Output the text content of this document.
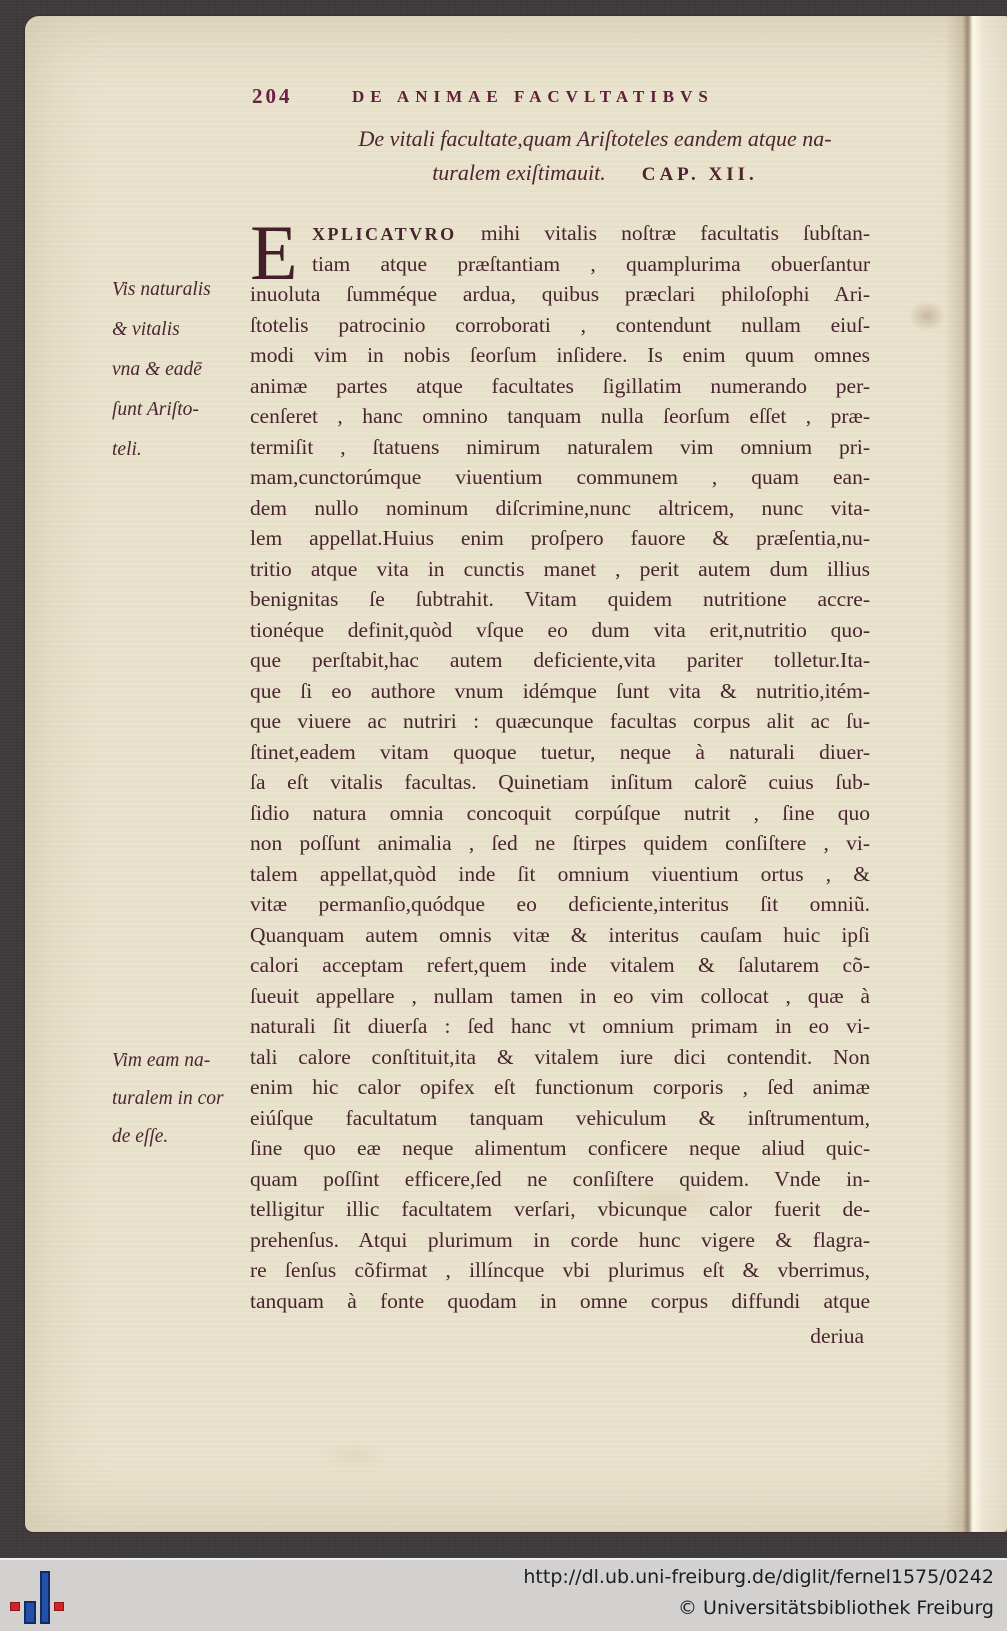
204	DE ANIMAE FACVLTATIBVS
De vitali facultate,quam Ariſtoteles eandem atque na-
turalem exiſtimauit. CAP. XII.
Vis naturalis
& vitalis
vna & eadē
ſunt Ariſto-
teli.
Vim eam na-
turalem in cor
de eſſe.
E XPLICATVRO mihi vitalis noſtræ facultatis ſubſtan-
tiam atque præſtantiam , quamplurima obuerſantur
inuoluta ſumméque ardua, quibus præclari philoſophi Ari-
ſtotelis patrocinio corroborati , contendunt nullam eiuſ-
modi vim in nobis ſeorſum inſidere. Is enim quum omnes
animæ partes atque facultates ſigillatim numerando per-
cenſeret , hanc omnino tanquam nulla ſeorſum eſſet , præ-
termiſit , ſtatuens nimirum naturalem vim omnium pri-
mam,cunctorúmque viuentium communem , quam ean-
dem nullo nominum diſcrimine,nunc altricem, nunc vita-
lem appellat.Huius enim proſpero fauore & præſentia,nu-
tritio atque vita in cunctis manet , perit autem dum illius
benignitas ſe ſubtrahit. Vitam quidem nutritione accre-
tionéque definit,quòd vſque eo dum vita erit,nutritio quo-
que perſtabit,hac autem deficiente,vita pariter tolletur.Ita-
que ſi eo authore vnum idémque ſunt vita & nutritio,itém-
que viuere ac nutriri : quæcunque facultas corpus alit ac ſu-
ſtinet,eadem vitam quoque tuetur, neque à naturali diuer-
ſa eſt vitalis facultas. Quinetiam inſitum calorẽ cuius ſub-
ſidio natura omnia concoquit corpúſque nutrit , ſine quo
non poſſunt animalia , ſed ne ſtirpes quidem conſiſtere , vi-
talem appellat,quòd inde ſit omnium viuentium ortus , &
vitæ permanſio,quódque eo deficiente,interitus ſit omniũ.
Quanquam autem omnis vitæ & interitus cauſam huic ipſi
calori acceptam refert,quem inde vitalem & ſalutarem cõ-
ſueuit appellare , nullam tamen in eo vim collocat , quæ à
naturali ſit diuerſa : ſed hanc vt omnium primam in eo vi-
tali calore conſtituit,ita & vitalem iure dici contendit. Non
enim hic calor opifex eſt functionum corporis , ſed animæ
eiúſque facultatum tanquam vehiculum & inſtrumentum,
ſine quo eæ neque alimentum conficere neque aliud quic-
quam poſſint efficere,ſed ne conſiſtere quidem. Vnde in-
telligitur illic facultatem verſari, vbicunque calor fuerit de-
prehenſus. Atqui plurimum in corde hunc vigere & flagra-
re ſenſus cõfirmat , illíncque vbi plurimus eſt & vberrimus,
tanquam à fonte quodam in omne corpus diffundi atque
deriua
http://dl.ub.uni-freiburg.de/diglit/fernel1575/0242
© Universitätsbibliothek Freiburg
